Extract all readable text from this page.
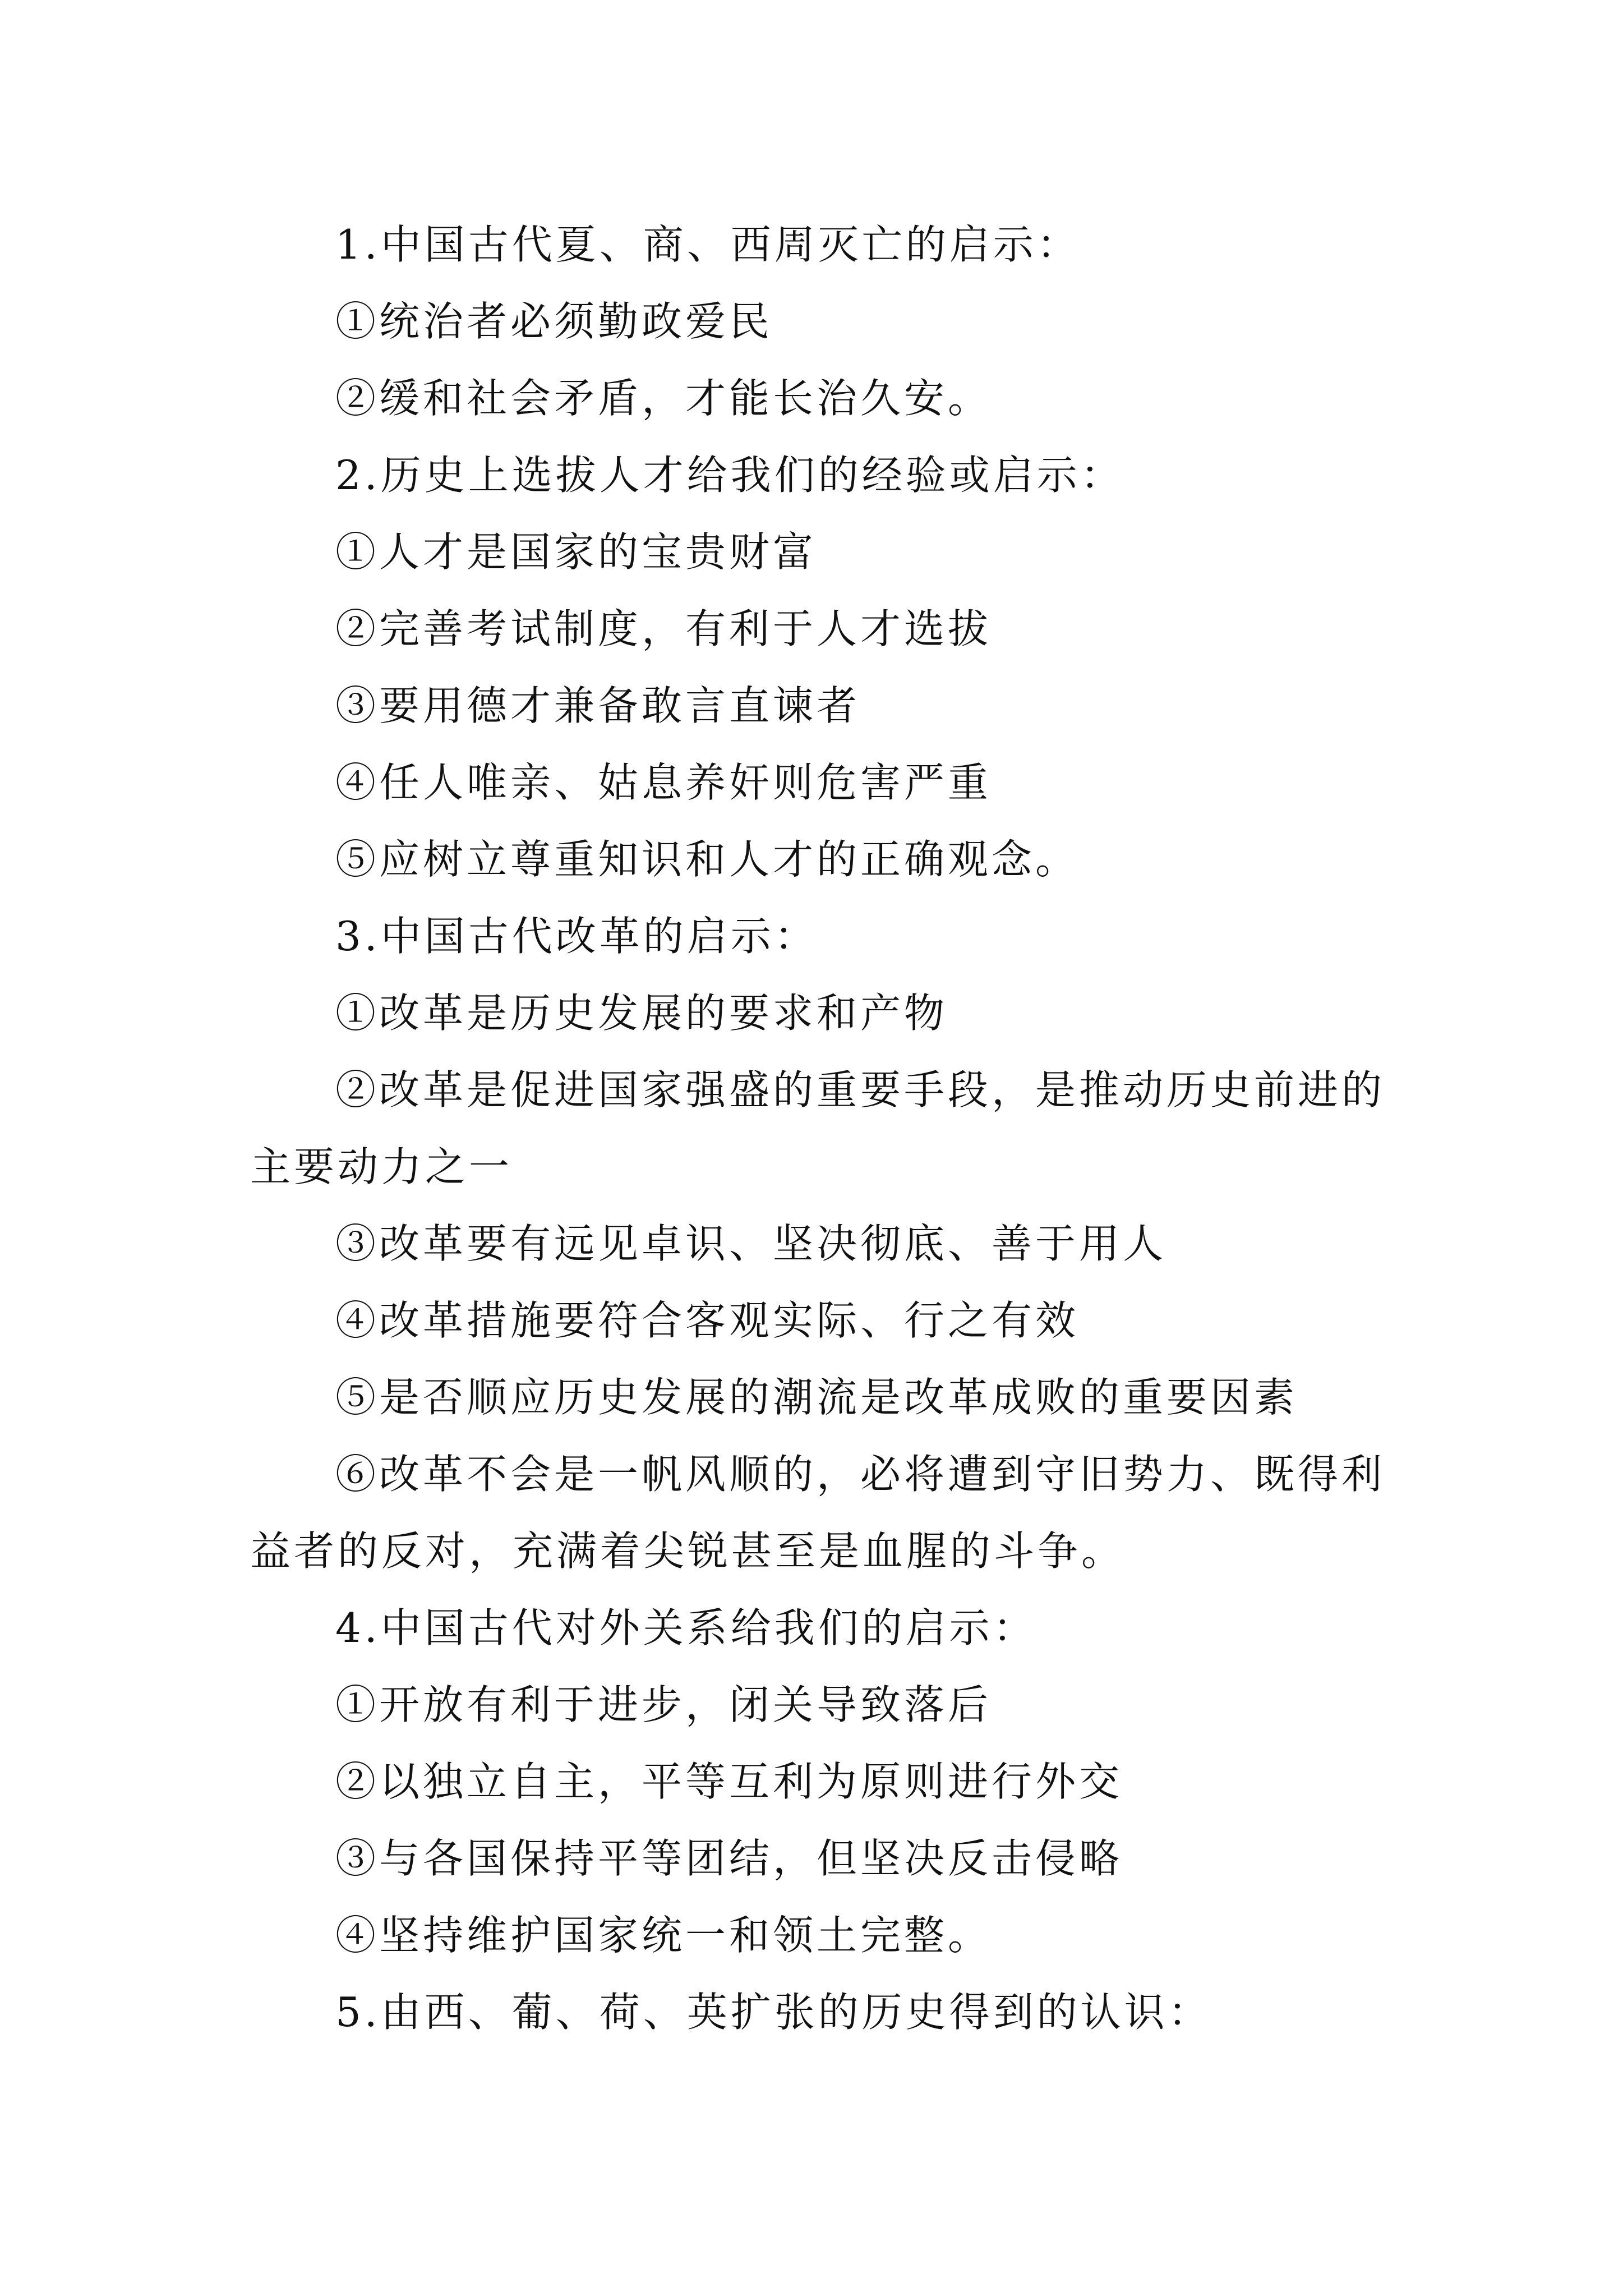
1.中国古代夏、商、西周灭亡的启示：
①统治者必须勤政爱民
②缓和社会矛盾，才能长治久安。
2.历史上选拔人才给我们的经验或启示：
①人才是国家的宝贵财富
②完善考试制度，有利于人才选拔
③要用德才兼备敢言直谏者
④任人唯亲、姑息养奸则危害严重
⑤应树立尊重知识和人才的正确观念。
3.中国古代改革的启示：
①改革是历史发展的要求和产物
②改革是促进国家强盛的重要手段，是推动历史前进的
主要动力之一
③改革要有远见卓识、坚决彻底、善于用人
④改革措施要符合客观实际、行之有效
⑤是否顺应历史发展的潮流是改革成败的重要因素
⑥改革不会是一帆风顺的，必将遭到守旧势力、既得利
益者的反对，充满着尖锐甚至是血腥的斗争。
4.中国古代对外关系给我们的启示：
①开放有利于进步，闭关导致落后
②以独立自主，平等互利为原则进行外交
③与各国保持平等团结，但坚决反击侵略
④坚持维护国家统一和领土完整。
5.由西、葡、荷、英扩张的历史得到的认识：
